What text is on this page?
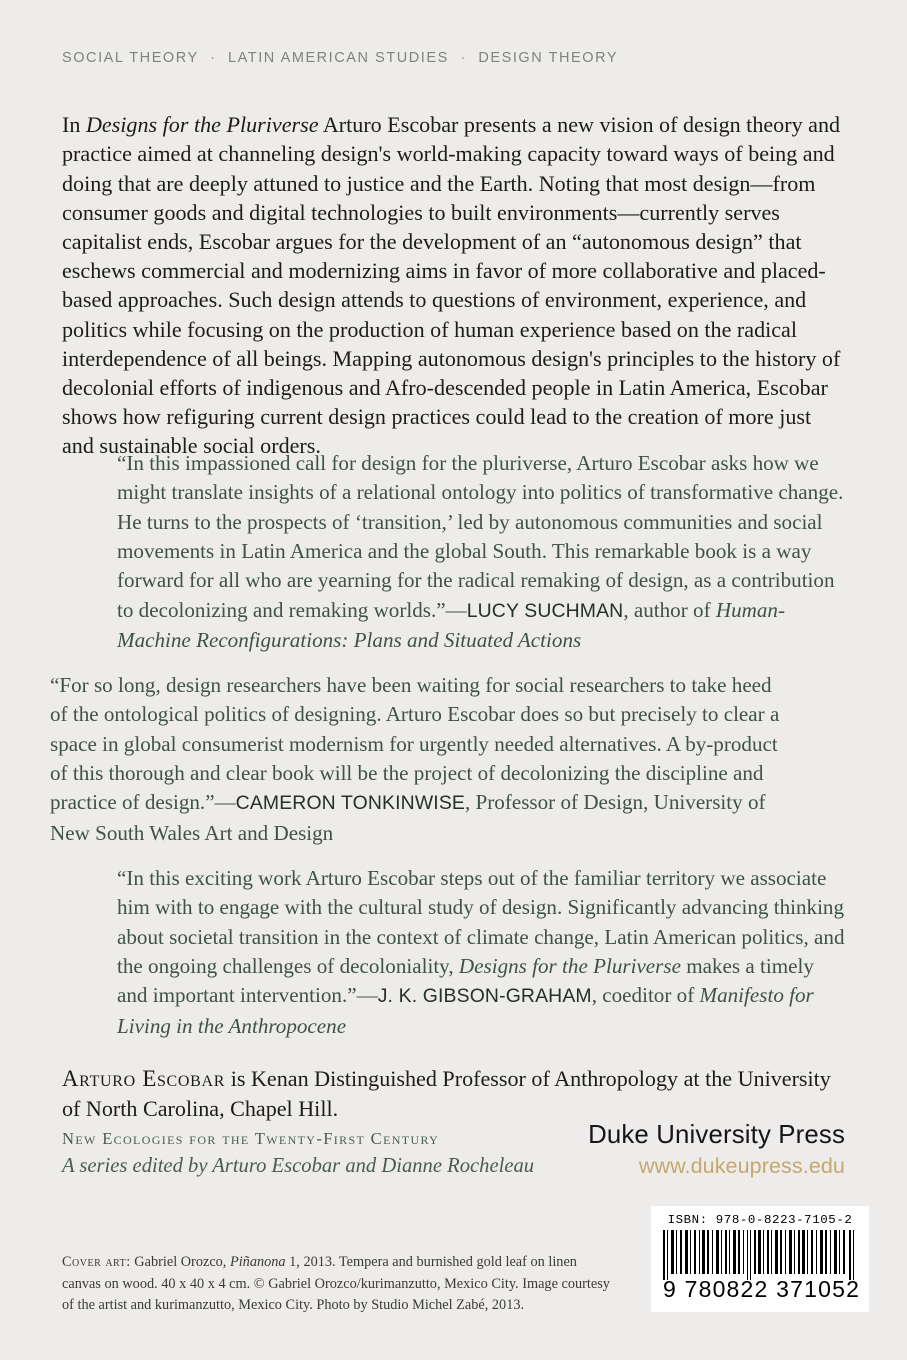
SOCIAL THEORY · LATIN AMERICAN STUDIES · DESIGN THEORY

In Designs for the Pluriverse Arturo Escobar presents a new vision of design theory and practice aimed at channeling design's world-making capacity toward ways of being and doing that are deeply attuned to justice and the Earth. Noting that most design—from consumer goods and digital technologies to built environments—currently serves capitalist ends, Escobar argues for the development of an “autonomous design” that eschews commercial and modernizing aims in favor of more collaborative and placed-based approaches. Such design attends to questions of environment, experience, and politics while focusing on the production of human experience based on the radical interdependence of all beings. Mapping autonomous design's principles to the history of decolonial efforts of indigenous and Afro-descended people in Latin America, Escobar shows how refiguring current design practices could lead to the creation of more just and sustainable social orders.

“In this impassioned call for design for the pluriverse, Arturo Escobar asks how we might translate insights of a relational ontology into politics of transformative change. He turns to the prospects of ‘transition,’ led by autonomous communities and social movements in Latin America and the global South. This remarkable book is a way forward for all who are yearning for the radical remaking of design, as a contribution to decolonizing and remaking worlds.”—LUCY SUCHMAN, author of Human-Machine Reconfigurations: Plans and Situated Actions

“For so long, design researchers have been waiting for social researchers to take heed of the ontological politics of designing. Arturo Escobar does so but precisely to clear a space in global consumerist modernism for urgently needed alternatives. A by-product of this thorough and clear book will be the project of decolonizing the discipline and practice of design.”—CAMERON TONKINWISE, Professor of Design, University of New South Wales Art and Design

“In this exciting work Arturo Escobar steps out of the familiar territory we associate him with to engage with the cultural study of design. Significantly advancing thinking about societal transition in the context of climate change, Latin American politics, and the ongoing challenges of decoloniality, Designs for the Pluriverse makes a timely and important intervention.”—J. K. GIBSON-GRAHAM, coeditor of Manifesto for Living in the Anthropocene

Arturo Escobar is Kenan Distinguished Professor of Anthropology at the University of North Carolina, Chapel Hill.

New Ecologies for the Twenty-First Century
A series edited by Arturo Escobar and Dianne Rocheleau
Duke University Press
www.dukeupress.edu
ISBN: 978-0-8223-7105-2
9 780822 371052

Cover art: Gabriel Orozco, Piñanona 1, 2013. Tempera and burnished gold leaf on linen canvas on wood. 40 x 40 x 4 cm. © Gabriel Orozco/kurimanzutto, Mexico City. Image courtesy of the artist and kurimanzutto, Mexico City. Photo by Studio Michel Zabé, 2013.
